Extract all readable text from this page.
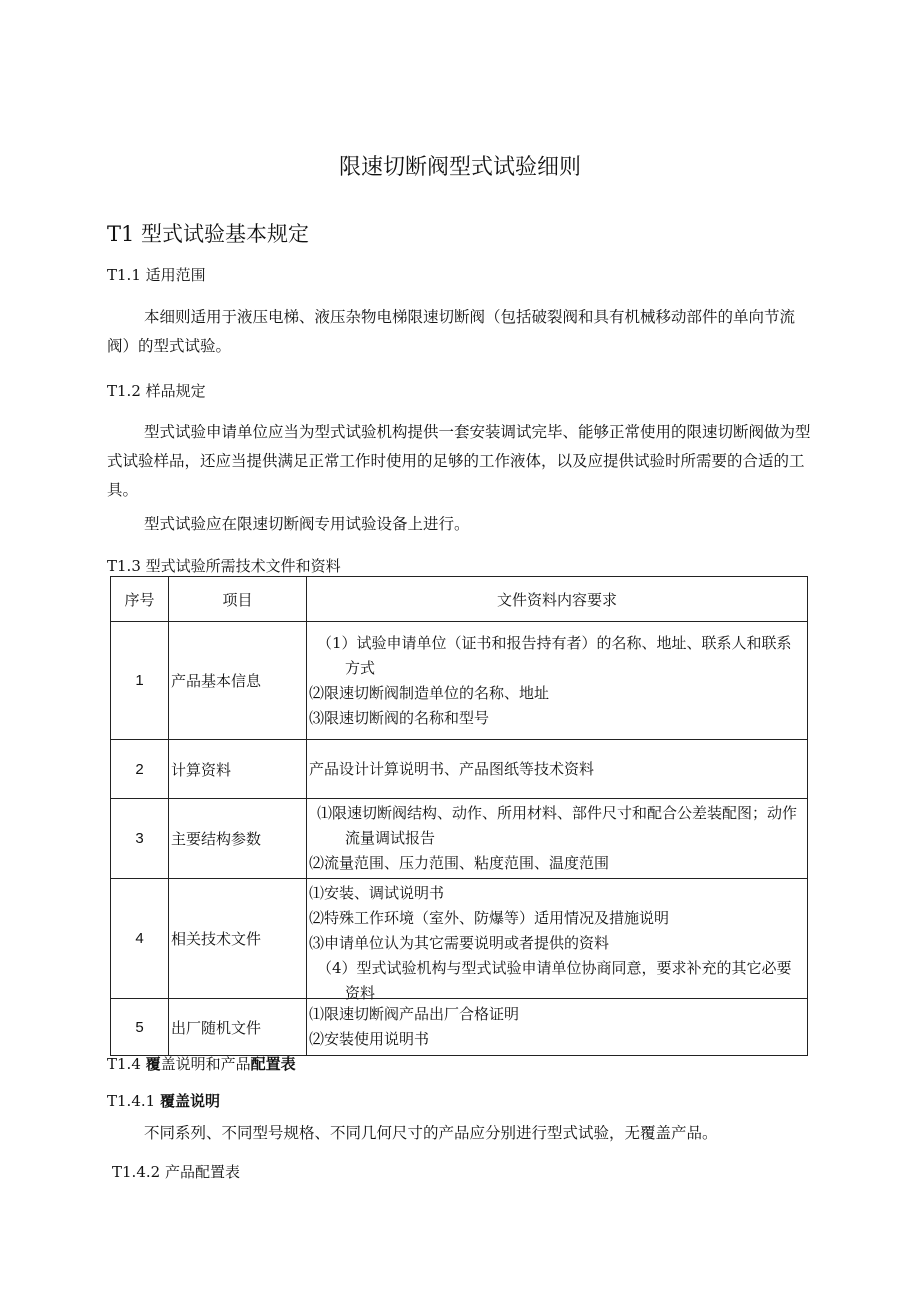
限速切断阀型式试验细则
T1 型式试验基本规定
T1.1 适用范围
本细则适用于液压电梯、液压杂物电梯限速切断阀（包括破裂阀和具有机械移动部件的单向节流阀）的型式试验。
T1.2 样品规定
型式试验申请单位应当为型式试验机构提供一套安装调试完毕、能够正常使用的限速切断阀做为型式试验样品，还应当提供满足正常工作时使用的足够的工作液体，以及应提供试验时所需要的合适的工具。
型式试验应在限速切断阀专用试验设备上进行。
T1.3 型式试验所需技术文件和资料
序号	项目	文件资料内容要求
1	产品基本信息	（1）试验申请单位（证书和报告持有者）的名称、地址、联系人和联系方式
⑵限速切断阀制造单位的名称、地址
⑶限速切断阀的名称和型号

2	计算资料	产品设计计算说明书、产品图纸等技术资料

3	主要结构参数	⑴限速切断阀结构、动作、所用材料、部件尺寸和配合公差装配图；动作流量调试报告
⑵流量范围、压力范围、粘度范围、温度范围

4	相关技术文件	⑴安装、调试说明书
⑵特殊工作环境（室外、防爆等）适用情况及措施说明
⑶申请单位认为其它需要说明或者提供的资料
（4）型式试验机构与型式试验申请单位协商同意，要求补充的其它必要资料

5	出厂随机文件	⑴限速切断阀产品出厂合格证明
⑵安装使用说明书
T1.4 覆盖说明和产品配置表
T1.4.1 覆盖说明
不同系列、不同型号规格、不同几何尺寸的产品应分别进行型式试验，无覆盖产品。
T1.4.2 产品配置表
